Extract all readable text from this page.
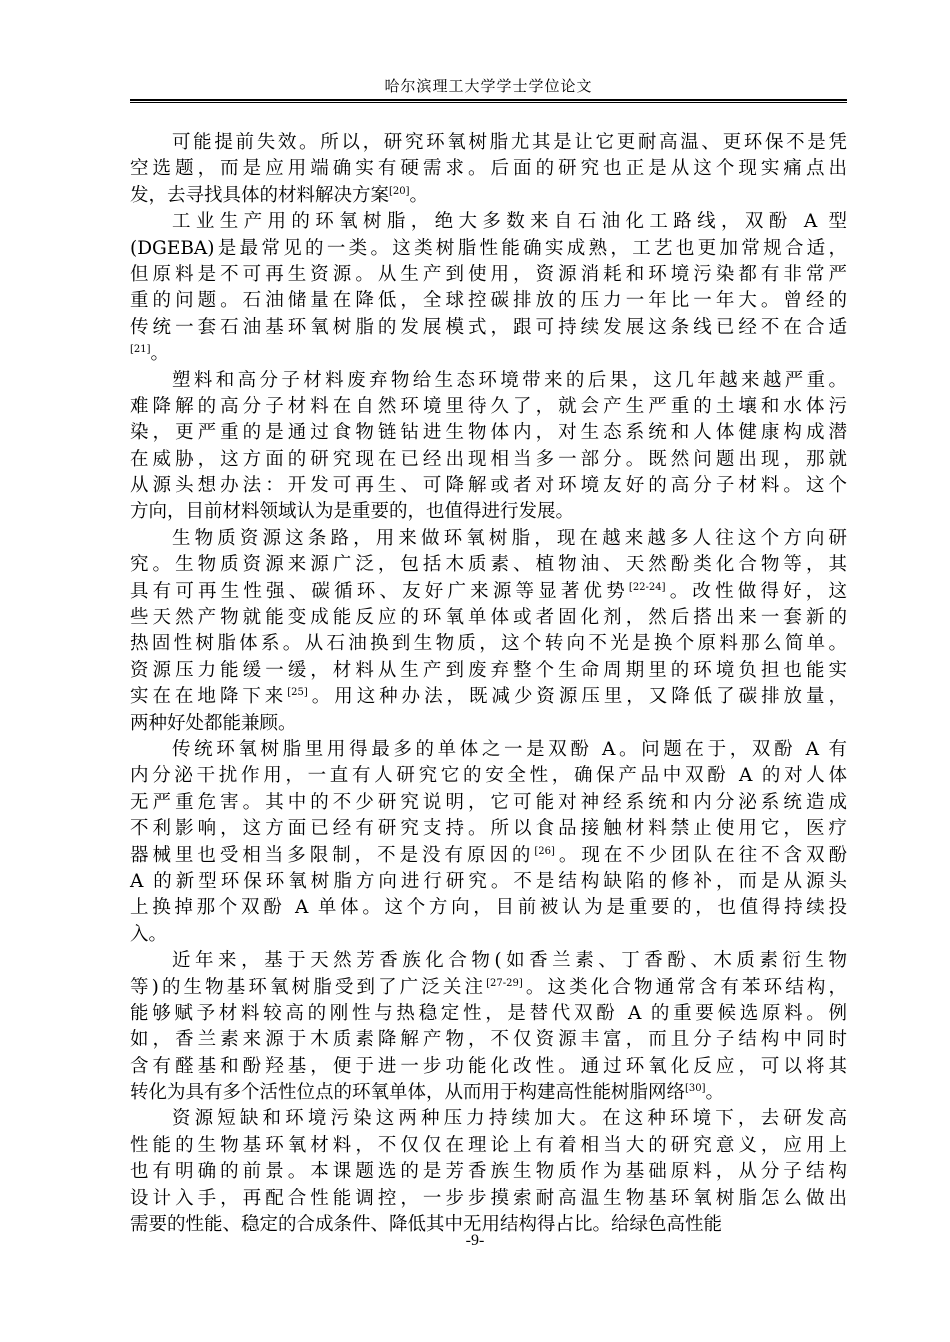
哈尔滨理工大学学士学位论文
可能提前失效。所以，研究环氧树脂尤其是让它更耐高温、更环保不是凭
空选题，而是应用端确实有硬需求。后面的研究也正是从这个现实痛点出
发，去寻找具体的材料解决方案[20]。
工业生产用的环氧树脂，绝大多数来自石油化工路线，双酚 A 型
(DGEBA)是最常见的一类。这类树脂性能确实成熟，工艺也更加常规合适，
但原料是不可再生资源。从生产到使用，资源消耗和环境污染都有非常严
重的问题。石油储量在降低，全球控碳排放的压力一年比一年大。曾经的
传统一套石油基环氧树脂的发展模式，跟可持续发展这条线已经不在合适
[21]。
塑料和高分子材料废弃物给生态环境带来的后果，这几年越来越严重。
难降解的高分子材料在自然环境里待久了，就会产生严重的土壤和水体污
染，更严重的是通过食物链钻进生物体内，对生态系统和人体健康构成潜
在威胁，这方面的研究现在已经出现相当多一部分。既然问题出现，那就
从源头想办法：开发可再生、可降解或者对环境友好的高分子材料。这个
方向，目前材料领域认为是重要的，也值得进行发展。
生物质资源这条路，用来做环氧树脂，现在越来越多人往这个方向研
究。生物质资源来源广泛，包括木质素、植物油、天然酚类化合物等，其
具有可再生性强、碳循环、友好广来源等显著优势[22-24]。改性做得好，这
些天然产物就能变成能反应的环氧单体或者固化剂，然后搭出来一套新的
热固性树脂体系。从石油换到生物质，这个转向不光是换个原料那么简单。
资源压力能缓一缓，材料从生产到废弃整个生命周期里的环境负担也能实
实在在地降下来[25]。用这种办法，既减少资源压里，又降低了碳排放量，
两种好处都能兼顾。
传统环氧树脂里用得最多的单体之一是双酚 A。问题在于，双酚 A 有
内分泌干扰作用，一直有人研究它的安全性，确保产品中双酚 A 的对人体
无严重危害。其中的不少研究说明，它可能对神经系统和内分泌系统造成
不利影响，这方面已经有研究支持。所以食品接触材料禁止使用它，医疗
器械里也受相当多限制，不是没有原因的[26]。现在不少团队在往不含双酚
A 的新型环保环氧树脂方向进行研究。不是结构缺陷的修补，而是从源头
上换掉那个双酚 A 单体。这个方向，目前被认为是重要的，也值得持续投
入。
近年来，基于天然芳香族化合物(如香兰素、丁香酚、木质素衍生物
等)的生物基环氧树脂受到了广泛关注[27-29]。这类化合物通常含有苯环结构，
能够赋予材料较高的刚性与热稳定性，是替代双酚 A 的重要候选原料。例
如，香兰素来源于木质素降解产物，不仅资源丰富，而且分子结构中同时
含有醛基和酚羟基，便于进一步功能化改性。通过环氧化反应，可以将其
转化为具有多个活性位点的环氧单体，从而用于构建高性能树脂网络[30]。
资源短缺和环境污染这两种压力持续加大。在这种环境下，去研发高
性能的生物基环氧材料，不仅仅在理论上有着相当大的研究意义，应用上
也有明确的前景。本课题选的是芳香族生物质作为基础原料，从分子结构
设计入手，再配合性能调控，一步步摸索耐高温生物基环氧树脂怎么做出
需要的性能、稳定的合成条件、降低其中无用结构得占比。给绿色高性能
-9-
